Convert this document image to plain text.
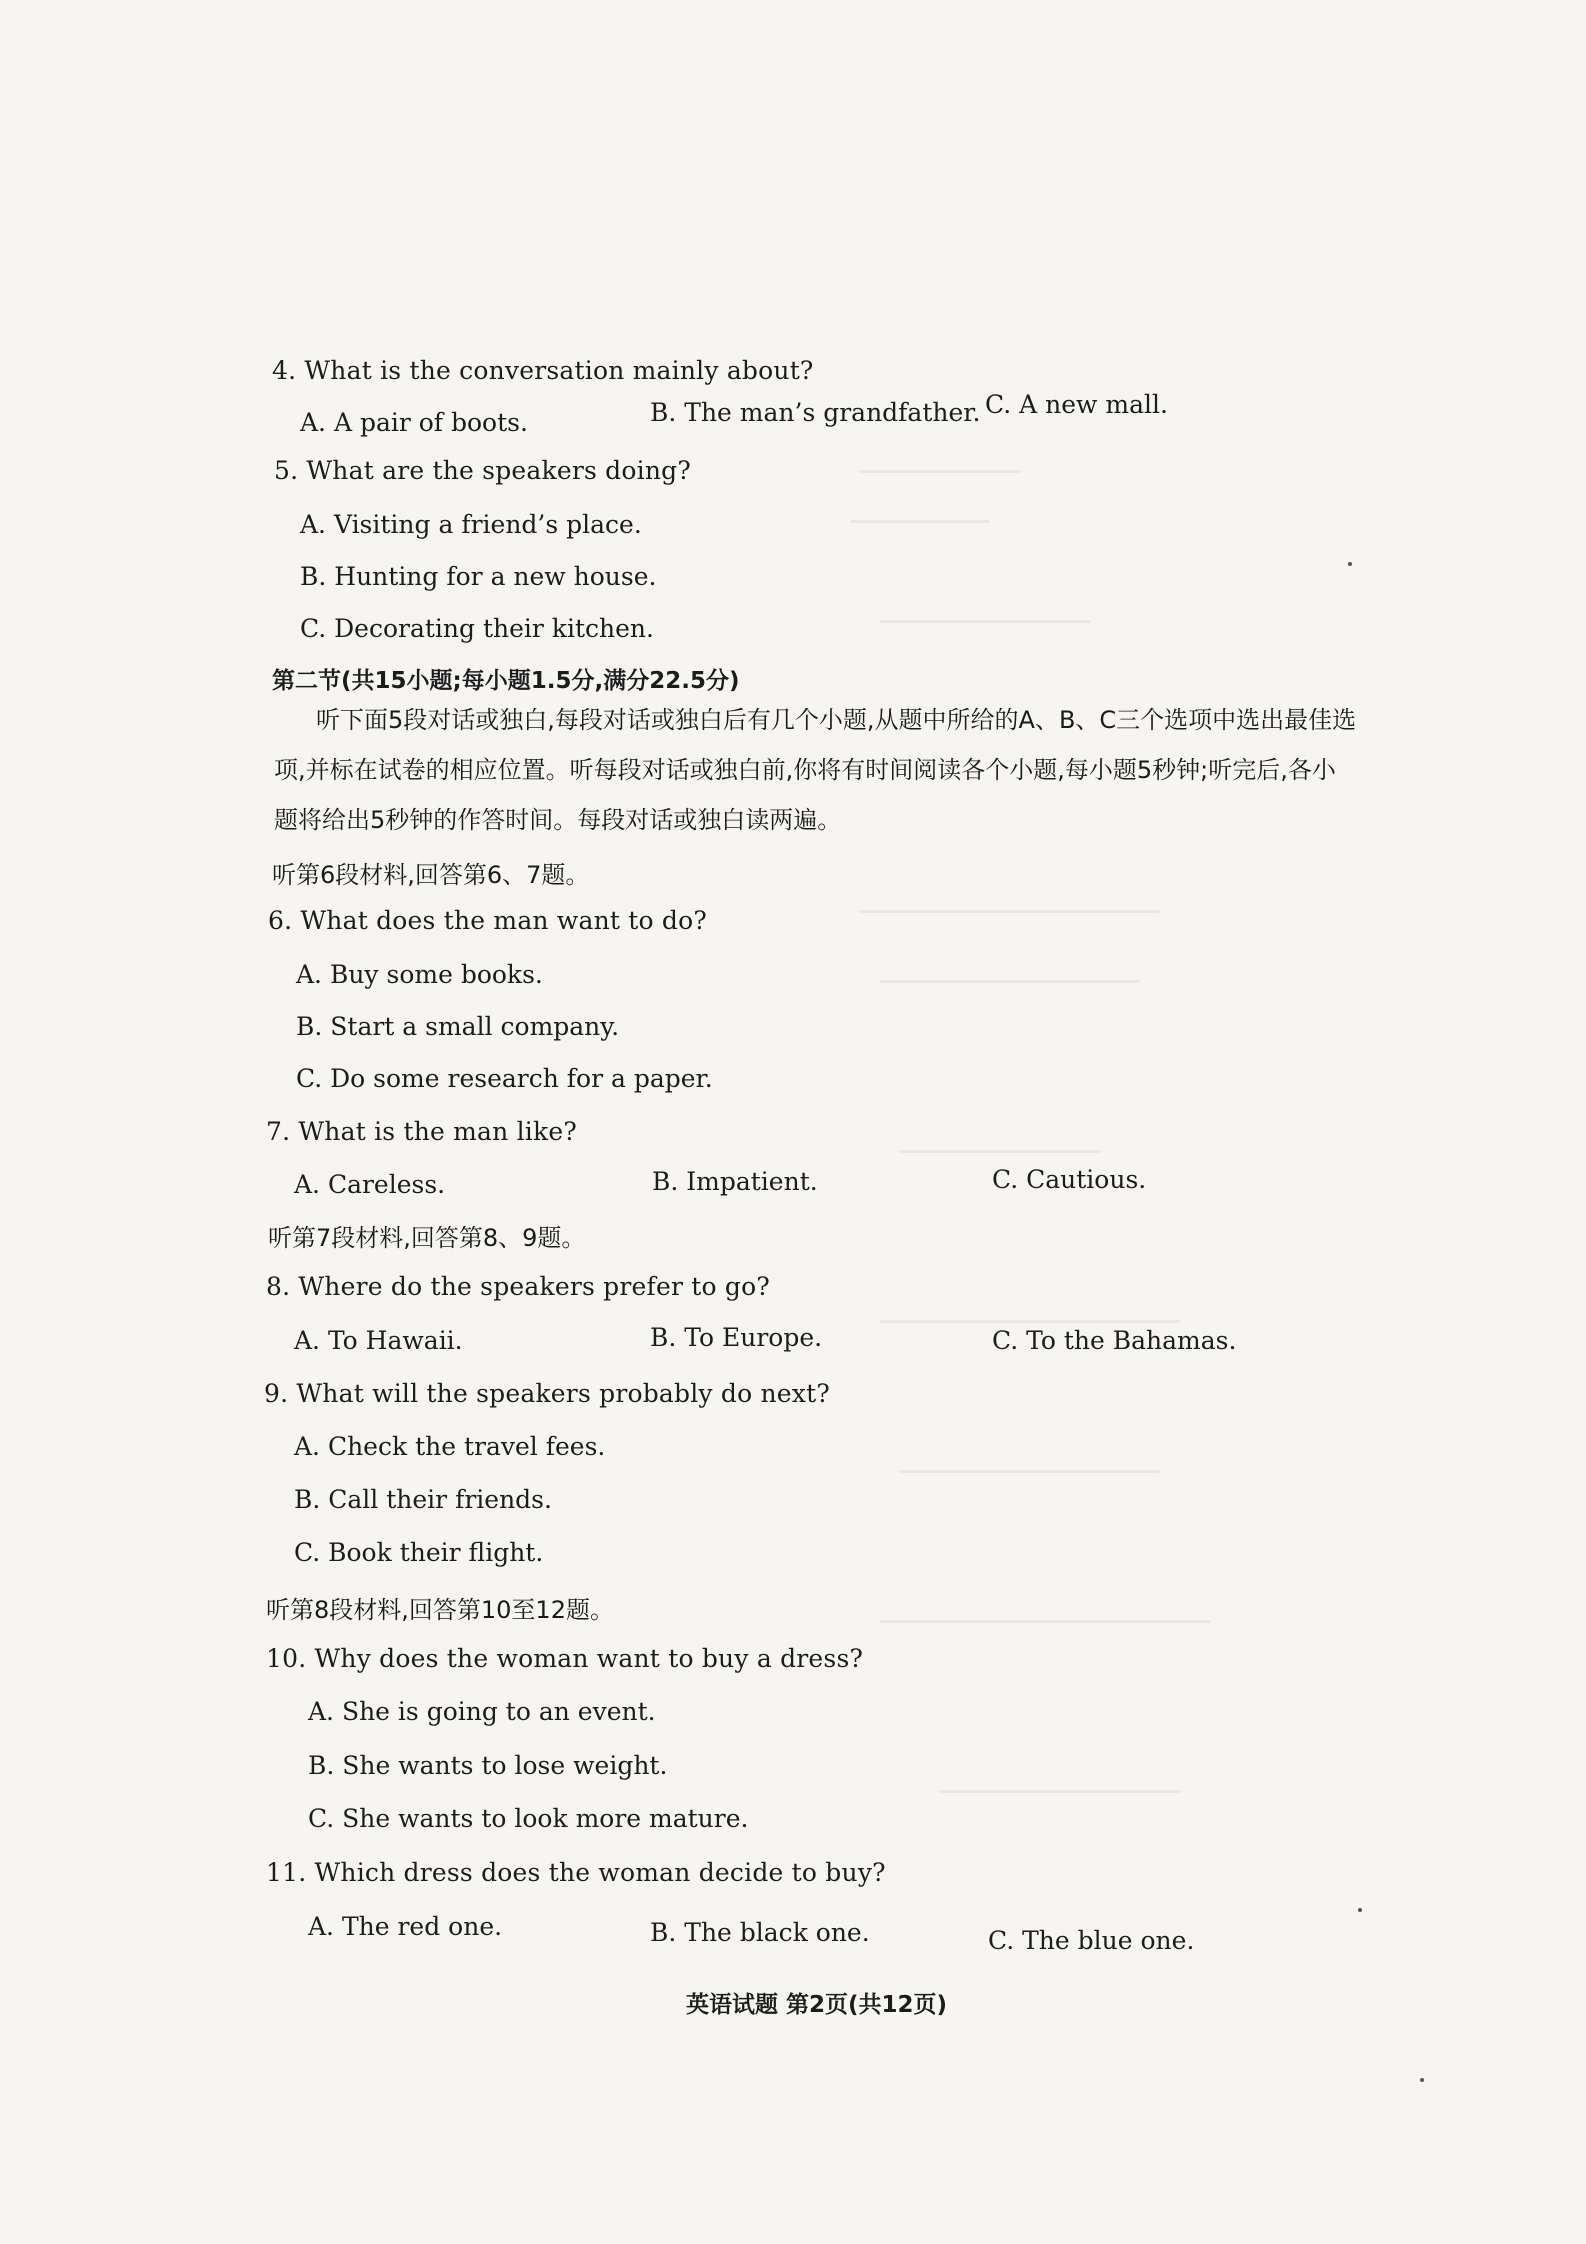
4. What is the conversation mainly about?
A. A pair of boots.	B. The man’s grandfather. C. A new mall.
5. What are the speakers doing?
A. Visiting a friend’s place.
B. Hunting for a new house.
C. Decorating their kitchen.
第二节(共15小题;每小题1.5分,满分22.5分)
听下面5段对话或独白,每段对话或独白后有几个小题,从题中所给的A、B、C三个选项中选出最佳选
项,并标在试卷的相应位置。听每段对话或独白前,你将有时间阅读各个小题,每小题5秒钟;听完后,各小
题将给出5秒钟的作答时间。每段对话或独白读两遍。
听第6段材料,回答第6、7题。
6. What does the man want to do?
A. Buy some books.
B. Start a small company.
C. Do some research for a paper.
7. What is the man like?
A. Careless.	B. Impatient.	C. Cautious.
听第7段材料,回答第8、9题。
8. Where do the speakers prefer to go?
A. To Hawaii.	B. To Europe.	C. To the Bahamas.
9. What will the speakers probably do next?
A. Check the travel fees.
B. Call their friends.
C. Book their flight.
听第8段材料,回答第10至12题。
10. Why does the woman want to buy a dress?
A. She is going to an event.
B. She wants to lose weight.
C. She wants to look more mature.
11. Which dress does the woman decide to buy?
A. The red one.	B. The black one.	C. The blue one.
英语试题 第2页(共12页)
